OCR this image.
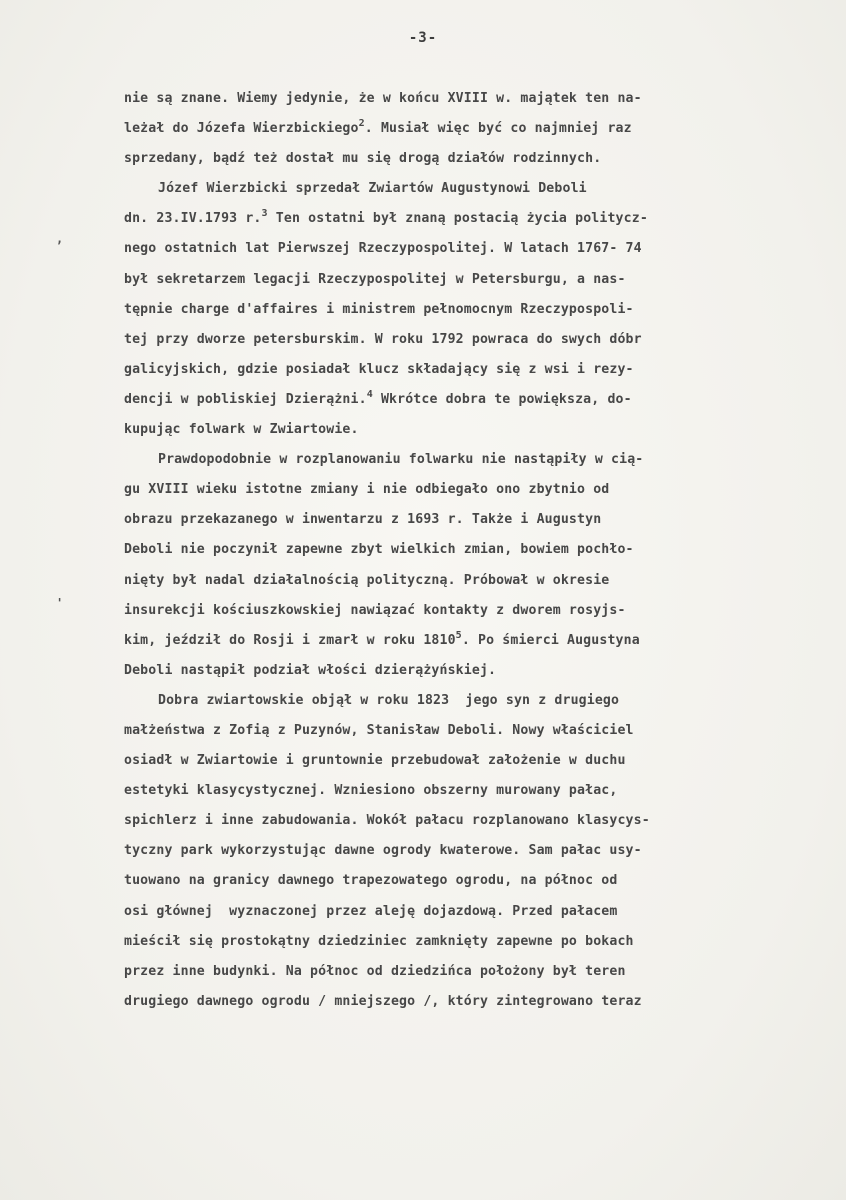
-3-
nie są znane. Wiemy jedynie, że w końcu XVIII w. majątek ten na-
leżał do Józefa Wierzbickiego$^2$. Musiał więc być co najmniej raz
sprzedany, bądź też dostał mu się drogą działów rodzinnych.
Józef Wierzbicki sprzedał Zwiartów Augustynowi Deboli
dn. 23.IV.1793 r.$^3$ Ten ostatni był znaną postacią życia politycz-
nego ostatnich lat Pierwszej Rzeczypospolitej. W latach 1767- 74
był sekretarzem legacji Rzeczypospolitej w Petersburgu, a nas-
tępnie charge d'affaires i ministrem pełnomocnym Rzeczypospoli-
tej przy dworze petersburskim. W roku 1792 powraca do swych dóbr
galicyjskich, gdzie posiadał klucz składający się z wsi i rezy-
dencji w pobliskiej Dzierążni.$^4$ Wkrótce dobra te powiększa, do-
kupując folwark w Zwiartowie.
Prawdopodobnie w rozplanowaniu folwarku nie nastąpiły w cią-
gu XVIII wieku istotne zmiany i nie odbiegało ono zbytnio od
obrazu przekazanego w inwentarzu z 1693 r. Także i Augustyn
Deboli nie poczynił zapewne zbyt wielkich zmian, bowiem pochło-
nięty był nadal działalnością polityczną. Próbował w okresie
insurekcji kościuszkowskiej nawiązać kontakty z dworem rosyjs-
kim, jeździł do Rosji i zmarł w roku 1810$^5$. Po śmierci Augustyna
Deboli nastąpił podział włości dzierążyńskiej.
Dobra zwiartowskie objął w roku 1823  jego syn z drugiego
małżeństwa z Zofią z Puzynów, Stanisław Deboli. Nowy właściciel
osiadł w Zwiartowie i gruntownie przebudował założenie w duchu
estetyki klasycystycznej. Wzniesiono obszerny murowany pałac,
spichlerz i inne zabudowania. Wokół pałacu rozplanowano klasycys-
tyczny park wykorzystując dawne ogrody kwaterowe. Sam pałac usy-
tuowano na granicy dawnego trapezowatego ogrodu, na północ od
osi głównej  wyznaczonej przez aleję dojazdową. Przed pałacem
mieścił się prostokątny dziedziniec zamknięty zapewne po bokach
przez inne budynki. Na północ od dziedzińca położony był teren
drugiego dawnego ogrodu / mniejszego /, który zintegrowano teraz
‚
'
